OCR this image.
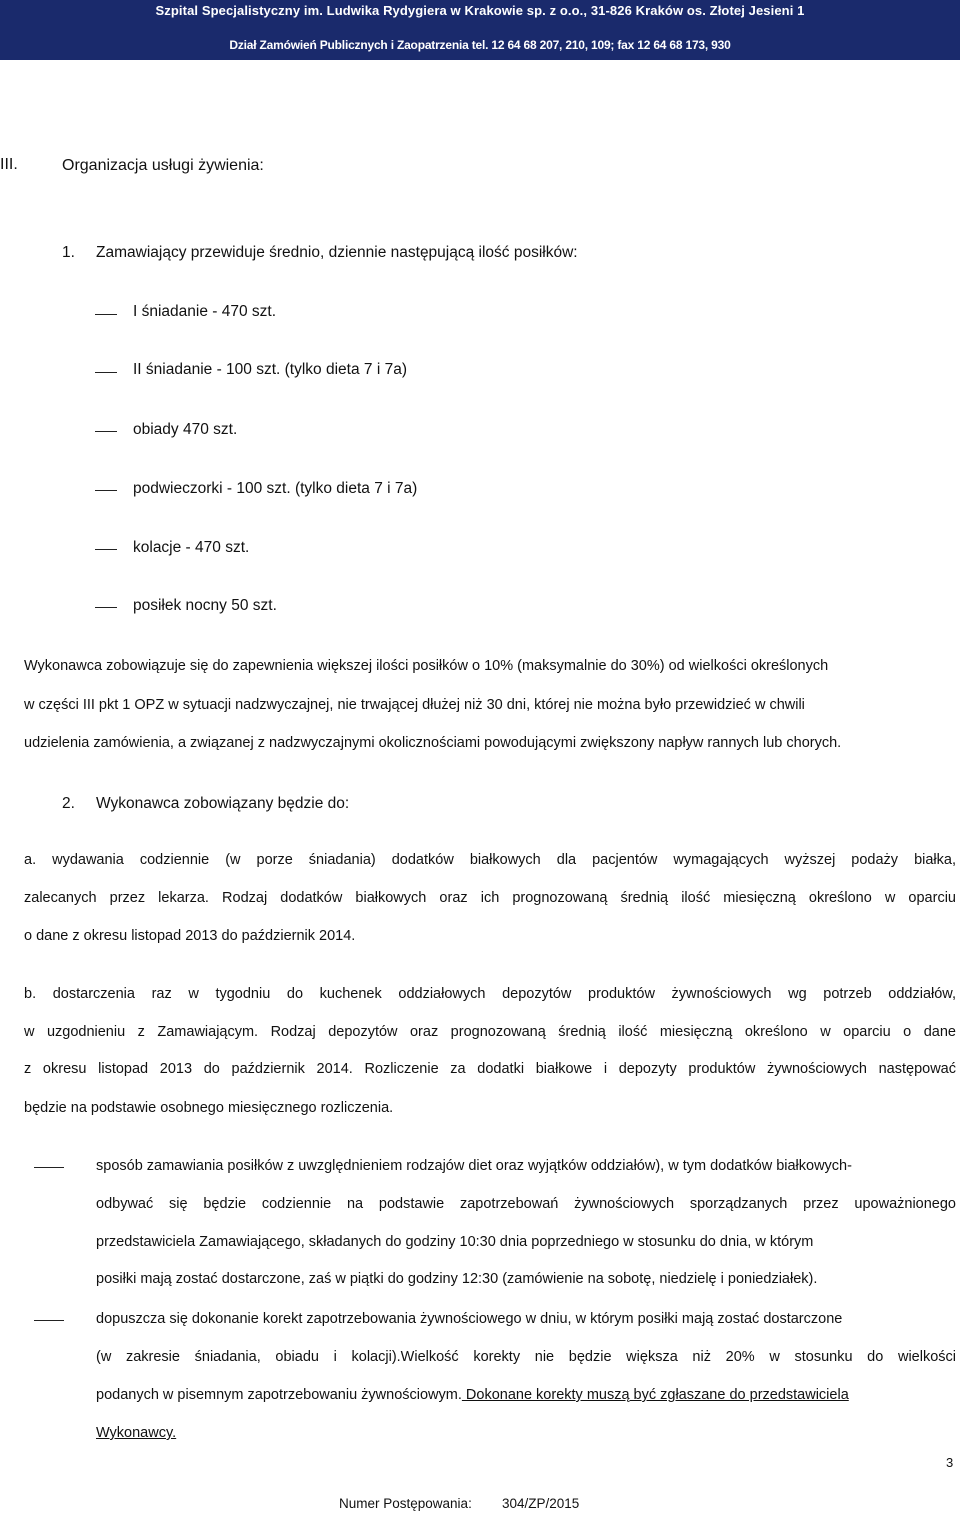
Szpital Specjalistyczny im. Ludwika Rydygiera w Krakowie sp. z o.o., 31-826 Kraków os. Złotej Jesieni 1
Dział Zamówień Publicznych i Zaopatrzenia tel. 12 64 68 207, 210, 109; fax 12 64 68 173, 930
III.	Organizacja usługi żywienia:
1. Zamawiający przewiduje średnio, dziennie następującą ilość posiłków:
I śniadanie - 470 szt.
II śniadanie - 100 szt. (tylko dieta 7 i 7a)
obiady 470 szt.
podwieczorki - 100 szt. (tylko dieta 7 i 7a)
kolacje - 470 szt.
posiłek nocny 50 szt.
Wykonawca zobowiązuje się do zapewnienia większej ilości posiłków o 10% (maksymalnie do 30%) od wielkości określonych
w części III pkt 1 OPZ w sytuacji nadzwyczajnej, nie trwającej dłużej niż 30 dni, której nie można było przewidzieć w chwili
udzielenia zamówienia, a związanej z nadzwyczajnymi okolicznościami powodującymi zwiększony napływ rannych lub chorych.
2. Wykonawca zobowiązany będzie do:
a. wydawania codziennie (w porze śniadania) dodatków białkowych dla pacjentów wymagających wyższej podaży białka,
zalecanych przez lekarza. Rodzaj dodatków białkowych oraz ich prognozowaną średnią ilość miesięczną określono w oparciu
o dane z okresu listopad 2013 do październik 2014.
b. dostarczenia raz w tygodniu do kuchenek oddziałowych depozytów produktów żywnościowych wg potrzeb oddziałów,
w uzgodnieniu z Zamawiającym. Rodzaj depozytów oraz prognozowaną średnią ilość miesięczną określono w oparciu o dane
z okresu listopad 2013 do październik 2014. Rozliczenie za dodatki białkowe i depozyty produktów żywnościowych następować
będzie na podstawie osobnego miesięcznego rozliczenia.
sposób zamawiania posiłków z uwzględnieniem rodzajów diet oraz wyjątków oddziałów), w tym dodatków białkowych-
odbywać się będzie codziennie na podstawie zapotrzebowań żywnościowych sporządzanych przez upoważnionego
przedstawiciela Zamawiającego, składanych do godziny 10:30 dnia poprzedniego w stosunku do dnia, w którym
posiłki mają zostać dostarczone, zaś w piątki do godziny 12:30 (zamówienie na sobotę, niedzielę i poniedziałek).
dopuszcza się dokonanie korekt zapotrzebowania żywnościowego w dniu, w którym posiłki mają zostać dostarczone
(w zakresie śniadania, obiadu i kolacji).Wielkość korekty nie będzie większa niż 20% w stosunku do wielkości
podanych w pisemnym zapotrzebowaniu żywnościowym. Dokonane korekty muszą być zgłaszane do przedstawiciela
Wykonawcy.
3
Numer Postępowania: 304/ZP/2015
